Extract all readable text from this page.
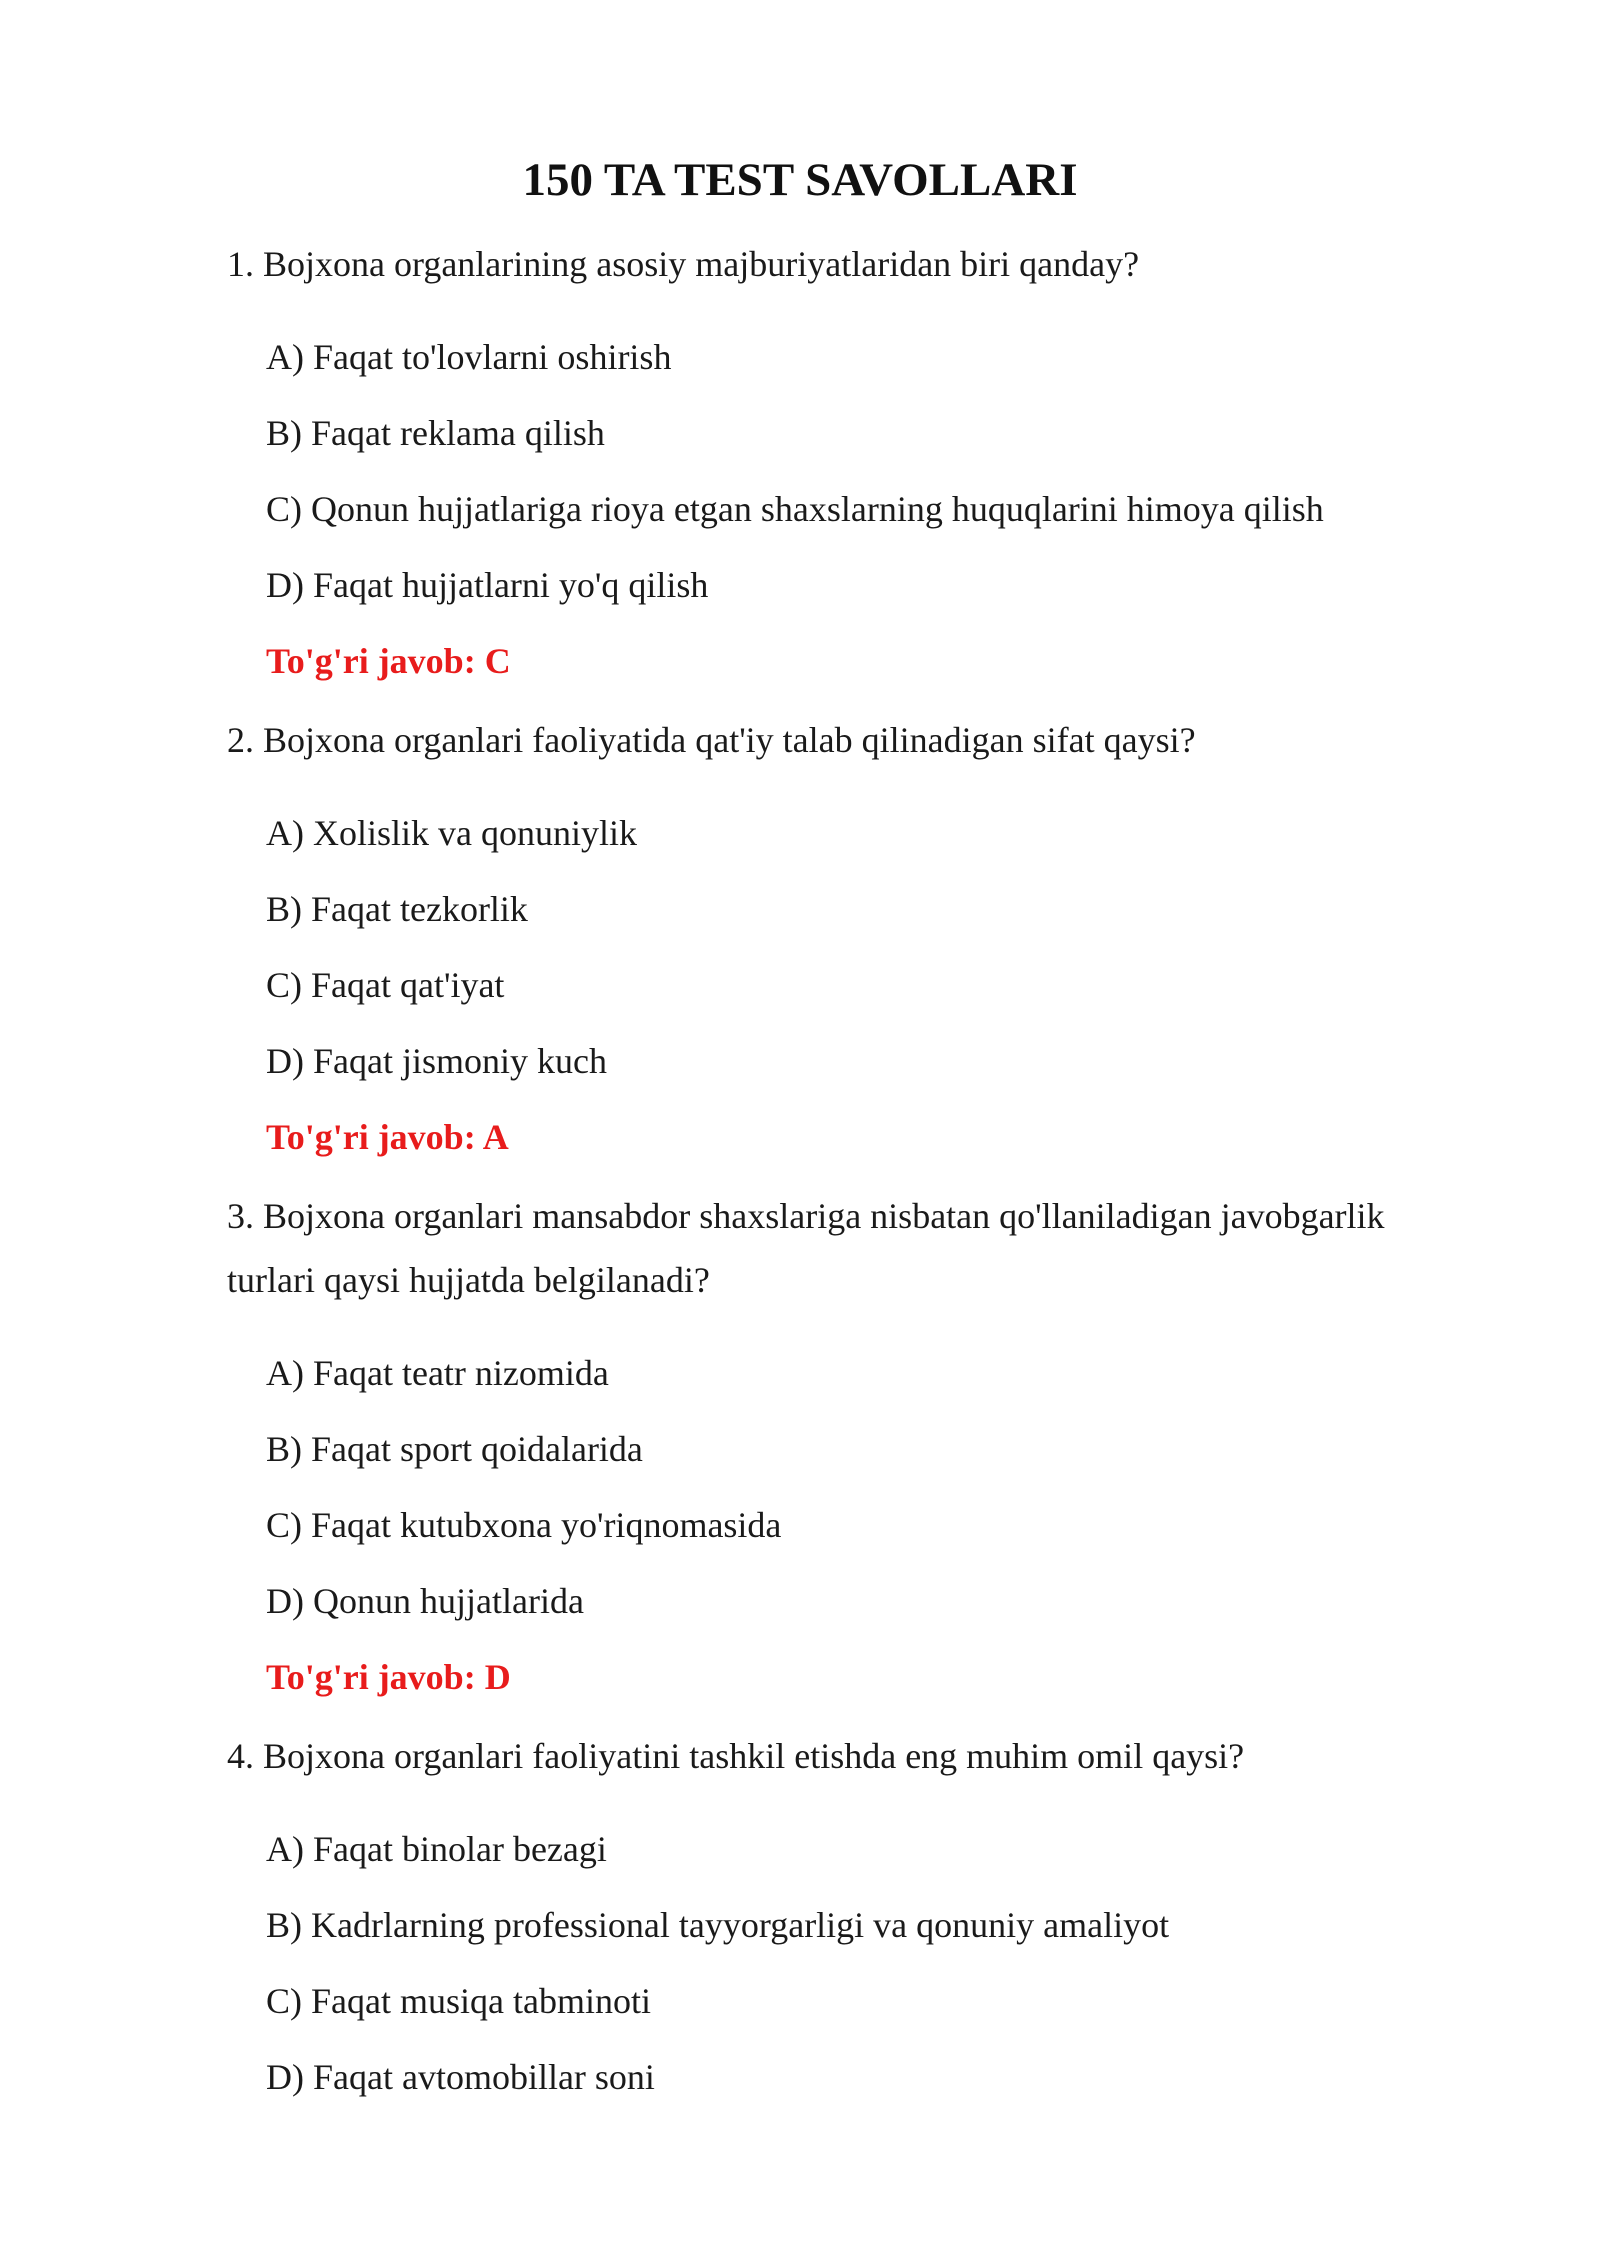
150 TA TEST SAVOLLARI

1. Bojxona organlarining asosiy majburiyatlaridan biri qanday?

A) Faqat to'lovlarni oshirish

B) Faqat reklama qilish

C) Qonun hujjatlariga rioya etgan shaxslarning huquqlarini himoya qilish

D) Faqat hujjatlarni yo'q qilish

To'g'ri javob: C

2. Bojxona organlari faoliyatida qat'iy talab qilinadigan sifat qaysi?

A) Xolislik va qonuniylik

B) Faqat tezkorlik

C) Faqat qat'iyat

D) Faqat jismoniy kuch

To'g'ri javob: A

3. Bojxona organlari mansabdor shaxslariga nisbatan qo'llaniladigan javobgarlik turlari qaysi hujjatda belgilanadi?

A) Faqat teatr nizomida

B) Faqat sport qoidalarida

C) Faqat kutubxona yo'riqnomasida

D) Qonun hujjatlarida

To'g'ri javob: D

4. Bojxona organlari faoliyatini tashkil etishda eng muhim omil qaysi?

A) Faqat binolar bezagi

B) Kadrlarning professional tayyorgarligi va qonuniy amaliyot

C) Faqat musiqa tabminoti

D) Faqat avtomobillar soni
